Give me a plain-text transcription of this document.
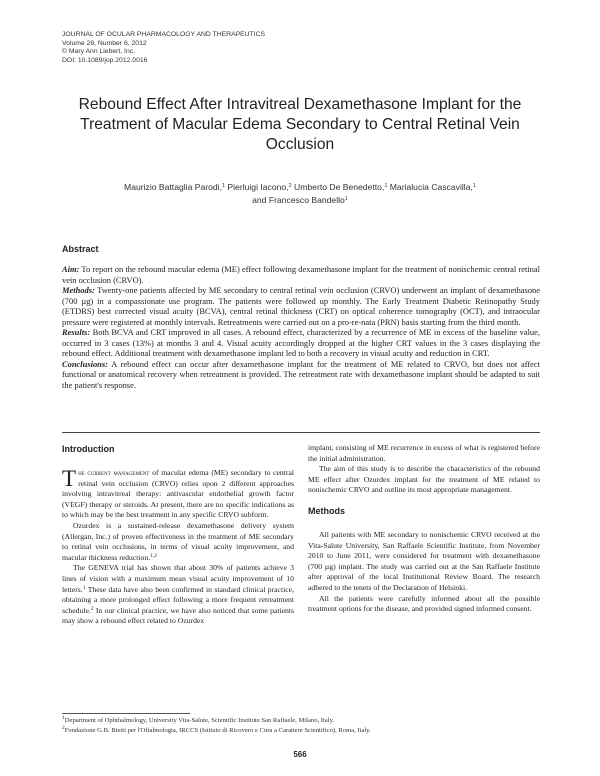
JOURNAL OF OCULAR PHARMACOLOGY AND THERAPEUTICS
Volume 28, Number 6, 2012
© Mary Ann Liebert, Inc.
DOI: 10.1089/jop.2012.0016
Rebound Effect After Intravitreal Dexamethasone Implant for the Treatment of Macular Edema Secondary to Central Retinal Vein Occlusion
Maurizio Battaglia Parodi,$^1$ Pierluigi Iacono,$^2$ Umberto De Benedetto,$^1$ Marialucia Cascavilla,$^1$
and Francesco Bandello$^1$
Abstract

Aim: To report on the rebound macular edema (ME) effect following dexamethasone implant for the treatment of nonischemic central retinal vein occlusion (CRVO).

Methods: Twenty-one patients affected by ME secondary to central retinal vein occlusion (CRVO) underwent an implant of dexamethasone (700 µg) in a compassionate use program. The patients were followed up monthly. The Early Treatment Diabetic Retinopathy Study (ETDRS) best corrected visual acuity (BCVA), central retinal thickness (CRT) on optical coherence tomography (OCT), and intraocular pressure were registered at monthly intervals. Retreatments were carried out on a pro-re-nata (PRN) basis starting from the third month.

Results: Both BCVA and CRT improved in all cases. A rebound effect, characterized by a recurrence of ME in excess of the baseline value, occurred in 3 cases (13%) at months 3 and 4. Visual acuity accordingly dropped at the higher CRT values in the 3 cases displaying the rebound effect. Additional treatment with dexamethasone implant led to both a recovery in visual acuity and reduction in CRT.

Conclusions: A rebound effect can occur after dexamethasone implant for the treatment of ME related to CRVO, but does not affect functional or anatomical recovery when retreatment is provided. The retreatment rate with dexamethasone implant should be adapted to suit the patient's response.

Introduction

The current management of macular edema (ME) secondary to central retinal vein occlusion (CRVO) relies upon 2 different approaches involving intravitreal therapy: antivascular endothelial growth factor (VEGF) therapy or steroids. At present, there are no specific indications as to which may be the best treatment in any specific CRVO subform.

Ozurdex is a sustained-release dexamethasone delivery system (Allergan, Inc.) of proven effectiveness in the treatment of ME secondary to retinal vein occlusions, in terms of visual acuity improvement, and macular thickness reduction.$^{1,2}$

The GENEVA trial has shown that about 30% of patients achieve 3 lines of vision with a maximum mean visual acuity improvement of 10 letters.$^1$ These data have also been confirmed in standard clinical practice, obtaining a more prolonged effect following a more frequent retreatment schedule.$^2$ In our clinical practice, we have also noticed that some patients may show a rebound effect related to Ozurdex

implant, consisting of ME recurrence in excess of what is registered before the initial administration.

The aim of this study is to describe the characteristics of the rebound ME effect after Ozurdex implant for the treatment of ME related to nonischemic CRVO and outline its most appropriate management.

Methods

All patients with ME secondary to nonischemic CRVO received at the Vita-Salute University, San Raffaele Scientific Institute, from November 2010 to June 2011, were considered for treatment with dexamethasone (700 µg) implant. The study was carried out at the San Raffaele Institute after approval of the local Institutional Review Board. The research adhered to the tenets of the Declaration of Helsinki.

All the patients were carefully informed about all the possible treatment options for the disease, and provided signed informed consent.

$^1$Department of Ophthalmology, University Vita-Salute, Scientific Institute San Raffaele, Milano, Italy.
$^2$Fondazione G.B. Bietti per l'Oftalmologia, IRCCS (Istituto di Ricovero e Cura a Carattere Scientifico), Roma, Italy.
566
